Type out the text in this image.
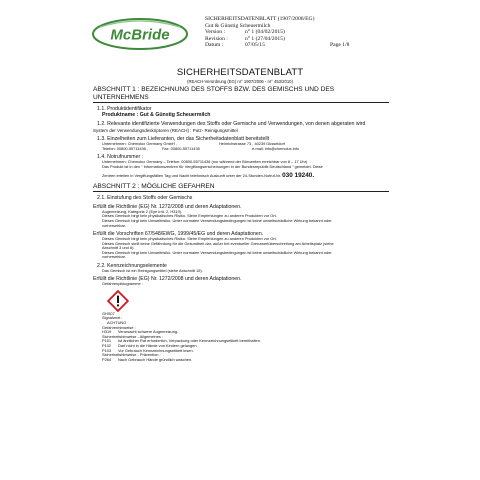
McBride
SICHERHEITSDATENBLATT (1907/2006/EG)
Gut & Günstig Scheuermilch
Version :	n° 1 (04/02/2015)
Revision :	n° 1 (27/04/2015)
Datum :	07/05/15	Page 1/8
SICHERHEITSDATENBLATT
(REACH-Verordnung (EG) nr° 1907/2006 - nr° 453/2010)
ABSCHNITT 1 : BEZEICHNUNG DES STOFFS BZW. DES GEMISCHS UND DES UNTERNEHMENS
1.1. Produktidentifikator
Produktname : Gut & Günstig Scheuermilch
1.2. Relevante identifizierte Verwendungen des Stoffs oder Gemischs und Verwendungen, von denen abgeraten wird
System der Verwendungsdeskriptoren (REACH) : Putz- Reinigungsmittel
1.3. Einzelheiten zum Lieferanten, der das Sicherheitsdatenblatt bereitstellt
Unternehmen: Chemolux Germany GmbH ,	Heinrichstrasse 73 , 40239 Düsseldorf
Telefon: 00800-55711436 ,	Fax: 00800-55711435	e-mail: info@chemolux.info
1.4. Notrufnummer :
Unternehmen: Chemolux Germany – Telefon: 00800-55711436 (nur während der Bürozeiten erreichbar von 8 – 17 Uhr)
Das Produkt ist in den " Informationszentren für Vergiftungserscheinungen in der Bundesrepublik Deutschland " gemeldet. Diese
Zentren erteilen in Vergiftungsfällen Tag und Nacht telefonisch Auskunft unter der 24-Stunden-Notruf-Nr. 030 19240.
ABSCHNITT 2 : MÖGLICHE GEFAHREN
2.1. Einstufung des Stoffs oder Gemischs
Erfüllt die Richtlinie (EG) Nr. 1272/2008 und deren Adaptationen.
Augenreizung, Kategorie 2 (Eye Irrit. 2, H319).
Dieses Gemisch birgt kein physikalisches Risiko. Siehe Empfehlungen zu anderen Produkten vor Ort.
Dieses Gemisch birgt kein Umweltrisiko. Unter normalen Verwendungsbedingungen ist keine unweltschädliche Wirkung bekannt oder
vorhersehbar.
Erfüllt die Vorschriften 67/548/EWG, 1999/45/EG und deren Adaptationen.
Dieses Gemisch birgt kein physikalisches Risiko. Siehe Empfehlungen zu anderen Produkten vor Ort.
Dieses Gemisch stellt keine Gefährdung für die Gesundheit dar, außer bei eventueller Grenzwertüberschreitung am Arbeitsplatz (siehe
Abschnitt 3 und 8).
Dieses Gemisch birgt kein Umweltrisiko. Unter normalen Verwendungsbedingungen ist keine unweltschädliche Wirkung bekannt oder
vorhersehbar.
2.2. Kennzeichnungselemente
Das Gemisch ist ein Reinigungsmittel (siehe Abschnitt 15).
Erfüllt die Richtlinie (EG) Nr. 1272/2008 und deren Adaptationen.
Gefahrenpiktogramme :
GHS07
Signalwort :
ACHTUNG
Gefahrenhinweise :
H319	Verursacht schwere Augenreizung.
Sicherheitshinweise - Allgemeines :
P101	Ist ärztlicher Rat erforderlich, Verpackung oder Kennzeichnungsetikett bereithalten.
P102	Darf nicht in die Hände von Kindern gelangen.
P103	Vor Gebrauch Kennzeichnungsetikett lesen.
Sicherheitshinweise - Prävention :
P264	Nach Gebrauch Hände gründlich waschen.
